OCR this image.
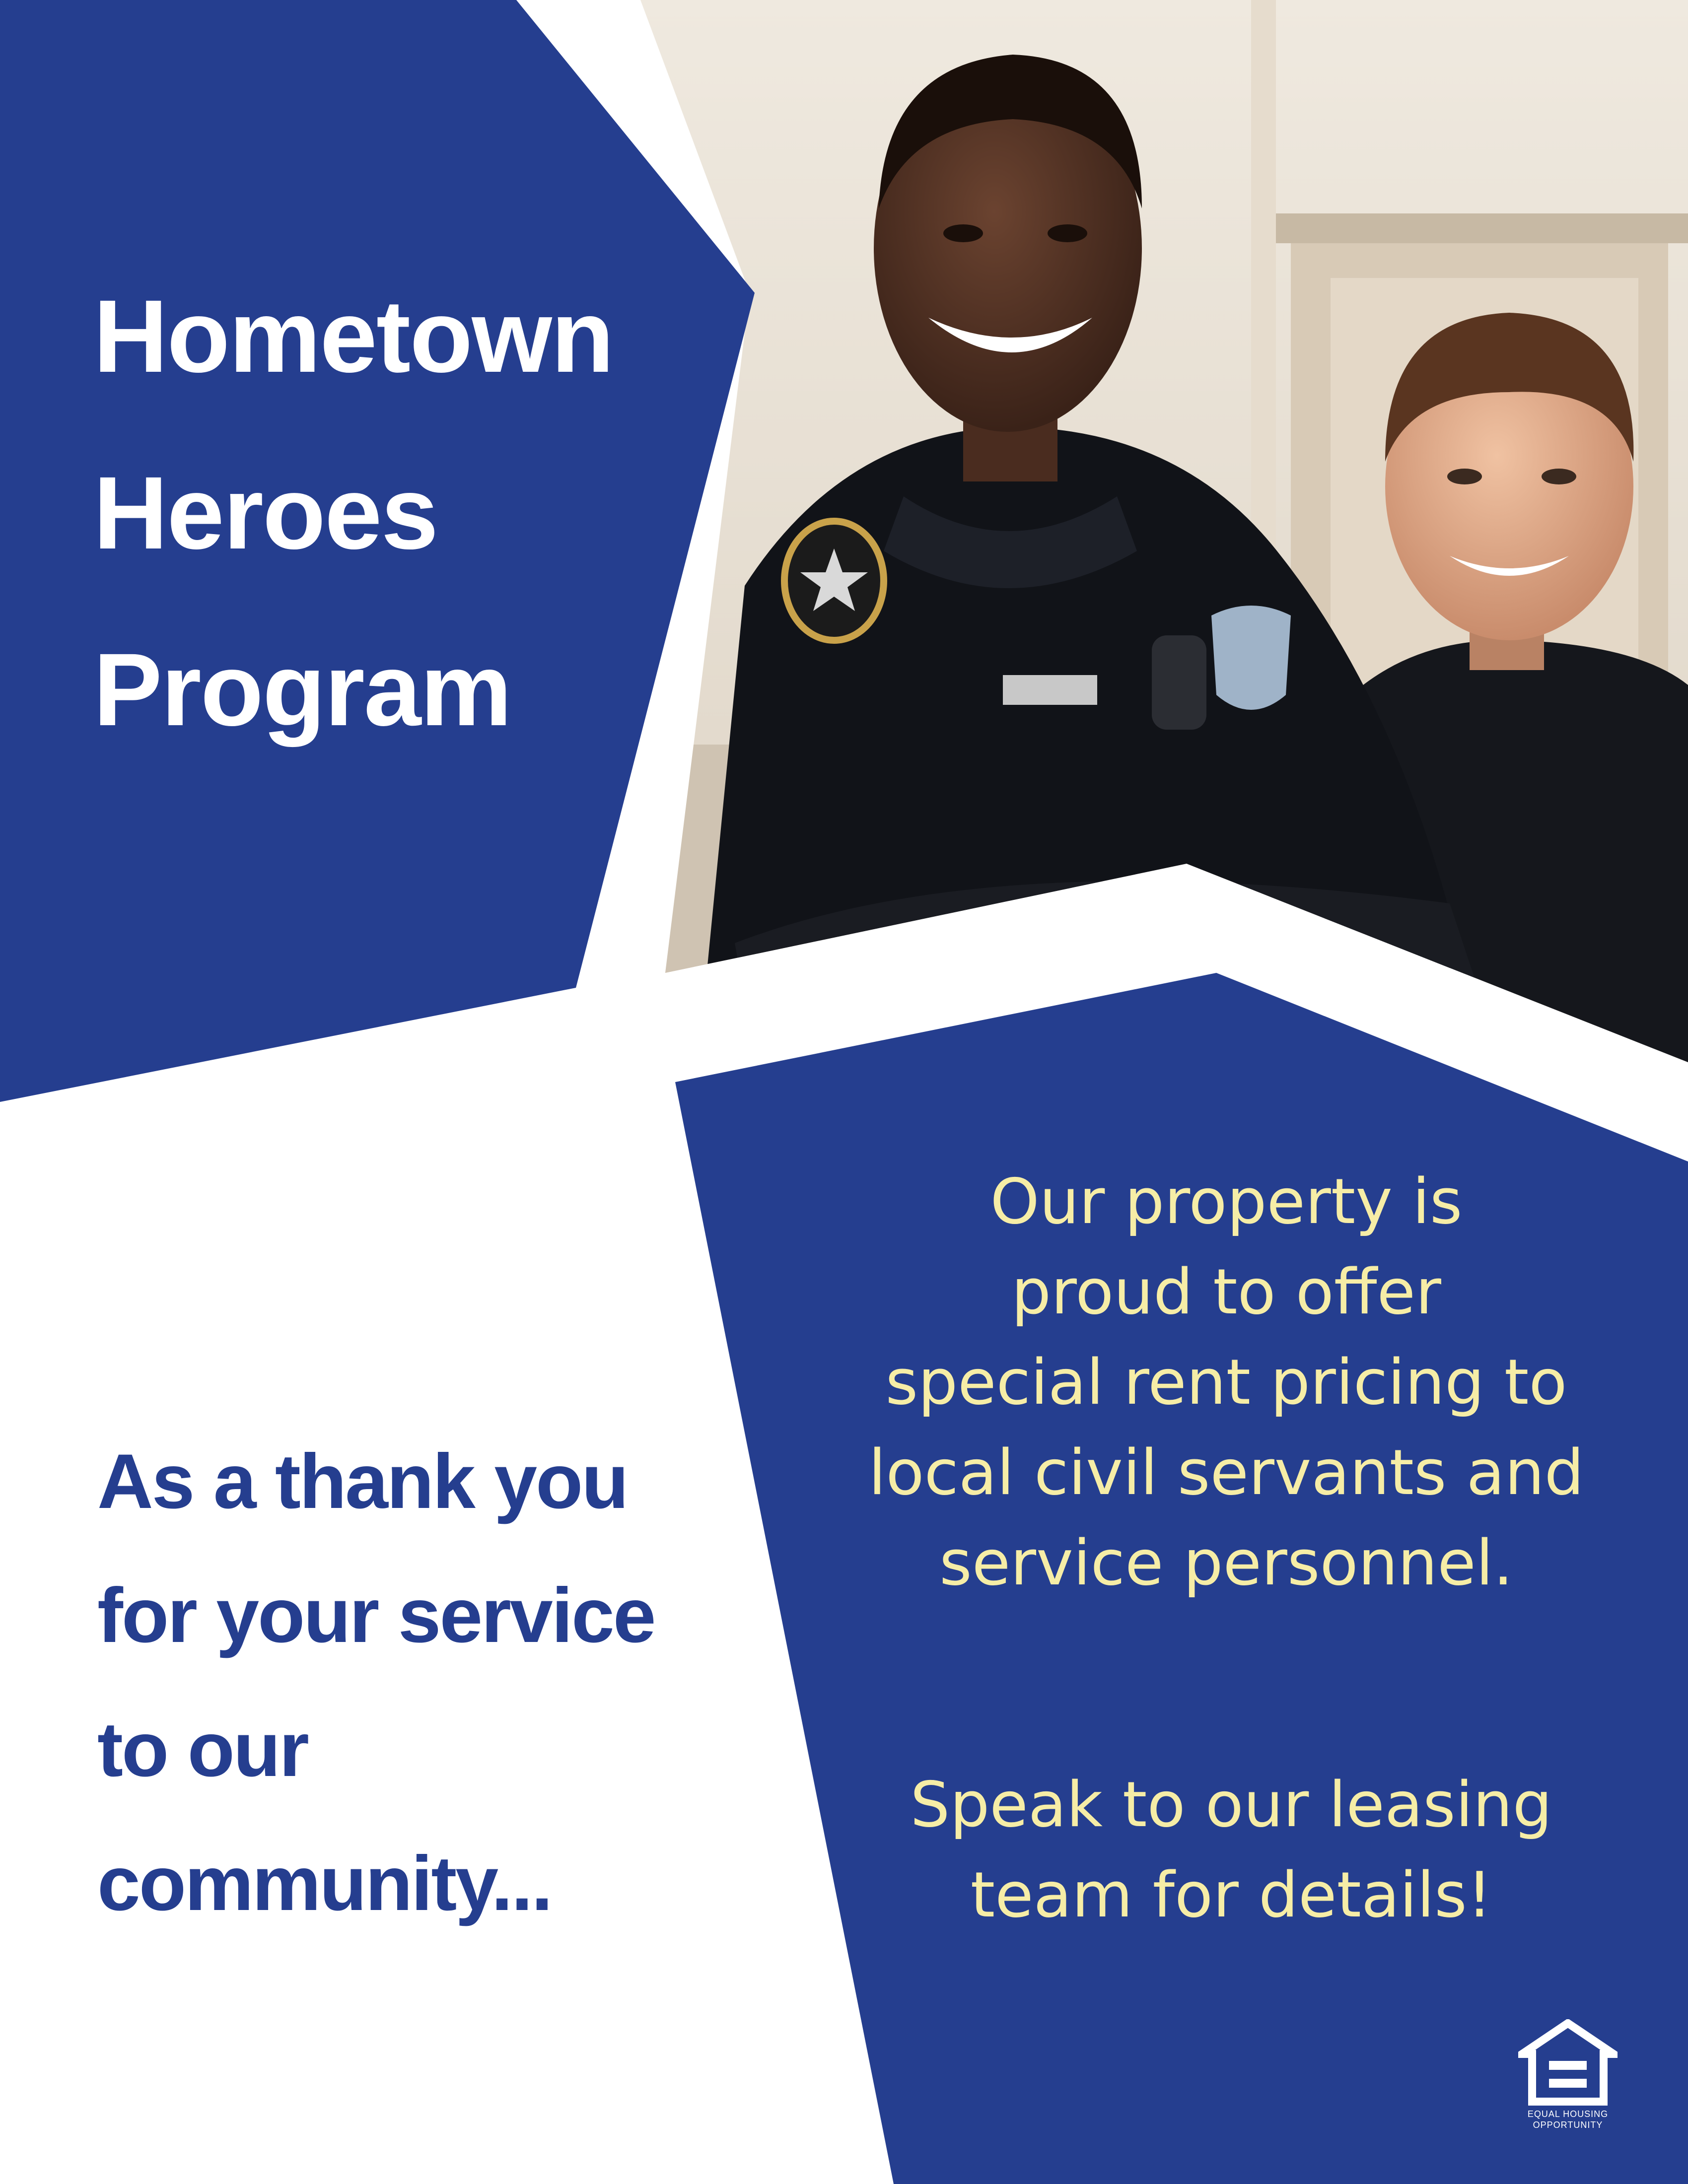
Hometown
Heroes
Program

As a thank you
for your service
to our
community...

Our property is
proud to offer
special rent pricing to
local civil servants and
service personnel.

Speak to our leasing
team for details!

EQUAL HOUSING
OPPORTUNITY
